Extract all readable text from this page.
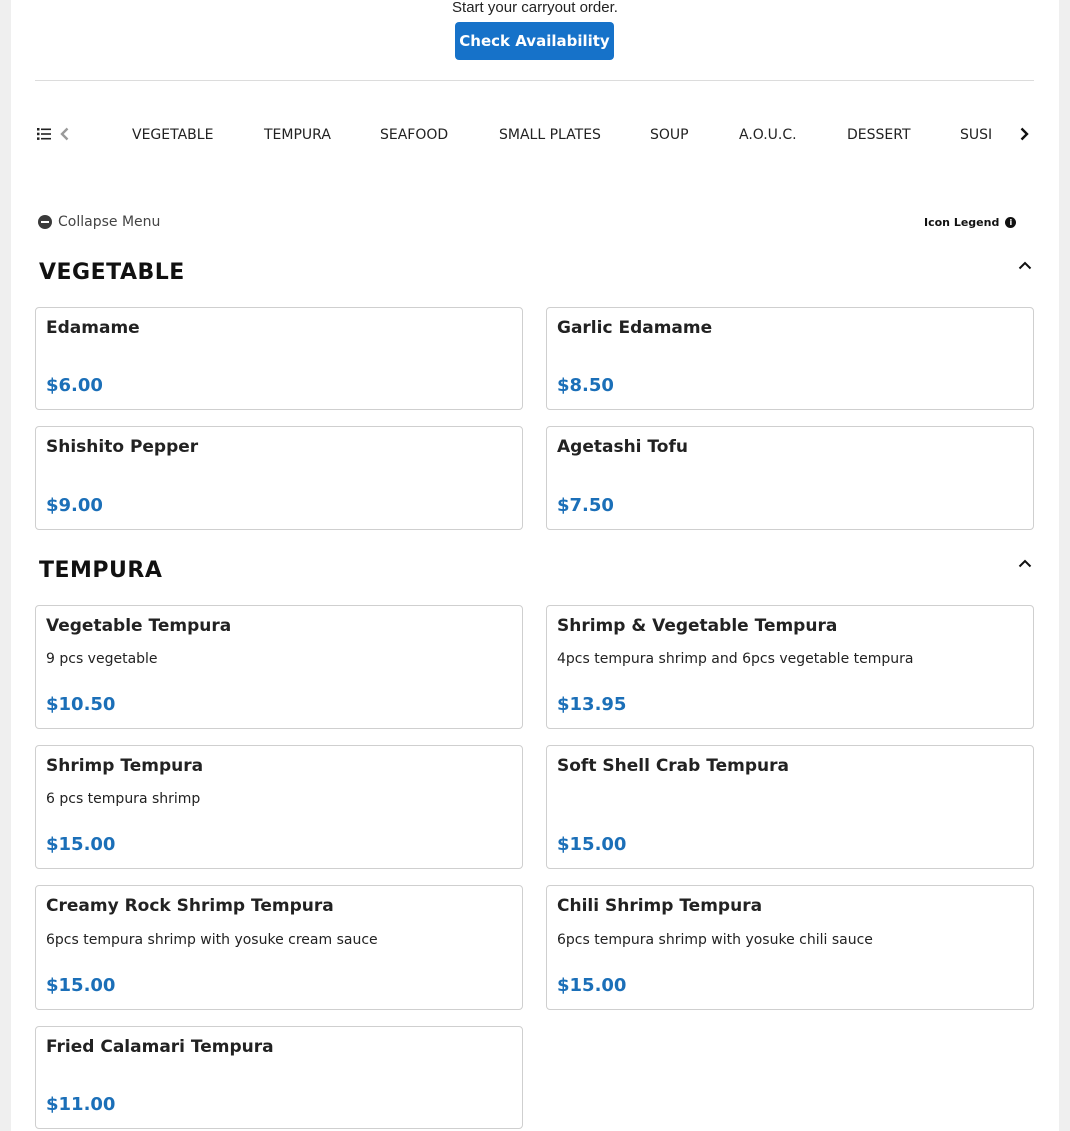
Start your carryout order.
Check Availability
VEGETABLE	TEMPURA	SEAFOOD	SMALL PLATES	SOUP	A.O.U.C.	DESSERT	SUSI
Collapse Menu	Icon Legend	i
VEGETABLE
Edamame
$6.00
Garlic Edamame
$8.50
Shishito Pepper
$9.00
Agetashi Tofu
$7.50
TEMPURA
Vegetable Tempura
9 pcs vegetable
$10.50
Shrimp & Vegetable Tempura
4pcs tempura shrimp and 6pcs vegetable tempura
$13.95
Shrimp Tempura
6 pcs tempura shrimp
$15.00
Soft Shell Crab Tempura
$15.00
Creamy Rock Shrimp Tempura
6pcs tempura shrimp with yosuke cream sauce
$15.00
Chili Shrimp Tempura
6pcs tempura shrimp with yosuke chili sauce
$15.00
Fried Calamari Tempura
$11.00
